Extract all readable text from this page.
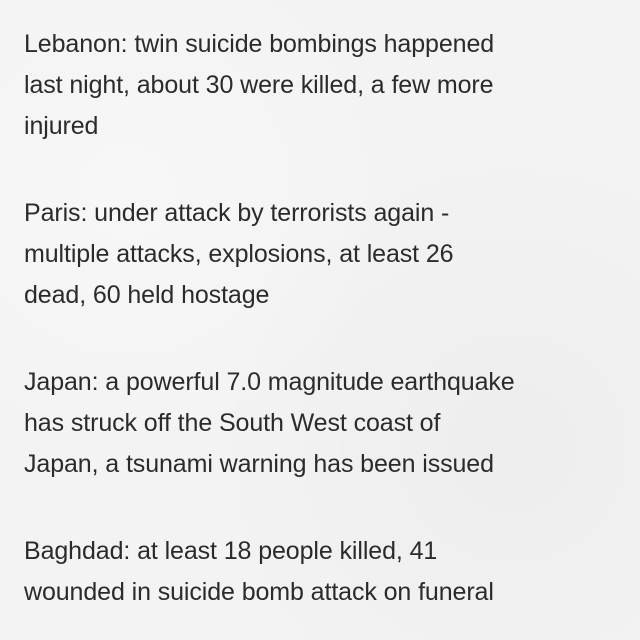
Lebanon: twin suicide bombings happened
last night, about 30 were killed, a few more
injured

Paris: under attack by terrorists again -
multiple attacks, explosions, at least 26
dead, 60 held hostage

Japan: a powerful 7.0 magnitude earthquake
has struck off the South West coast of
Japan, a tsunami warning has been issued

Baghdad: at least 18 people killed, 41
wounded in suicide bomb attack on funeral
